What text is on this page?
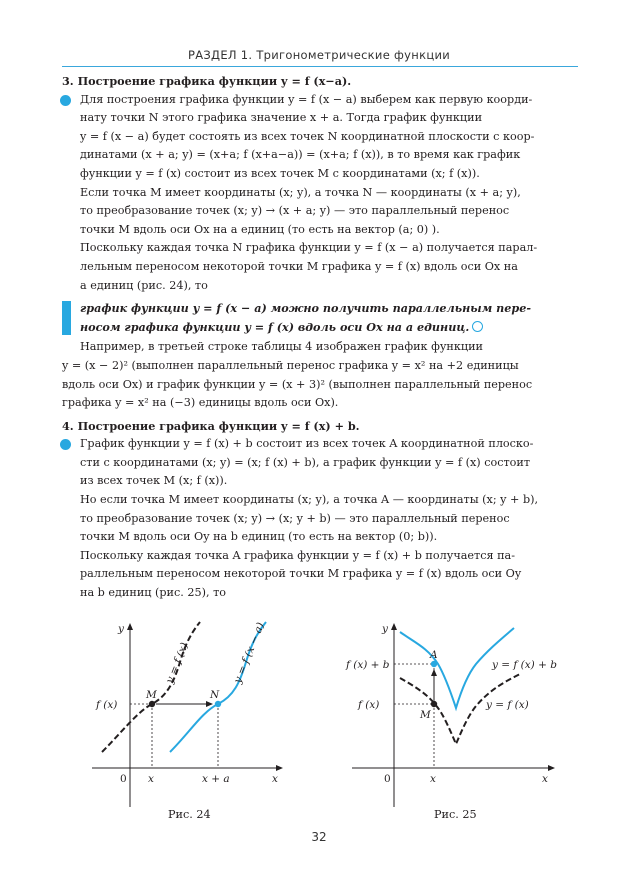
РАЗДЕЛ 1. Тригонометрические функции
3. Построение графика функции y = f (x−a).
Для построения графика функции y = f (x − a) выберем как первую коорди-
нату точки N этого графика значение x + a. Тогда график функции
y = f (x − a) будет состоять из всех точек N координатной плоскости с коор-
динатами (x + a; y) = (x+a; f (x+a−a)) = (x+a; f (x)), в то время как график
функции y = f (x) состоит из всех точек M с координатами (x; f (x)).
Если точка M имеет координаты (x; y), а точка N — координаты (x + a; y),
то преобразование точек (x; y) → (x + a; y) — это параллельный перенос
точки M вдоль оси Ox на a единиц (то есть на вектор (a; 0) ).
Поскольку каждая точка N графика функции y = f (x − a) получается парал-
лельным переносом некоторой точки M графика y = f (x) вдоль оси Ox на
a единиц (рис. 24), то
график функции y = f (x − a) можно получить параллельным пере-
носом графика функции y = f (x) вдоль оси Ox на a единиц.
Например, в третьей строке таблицы 4 изображен график функции
y = (x − 2)² (выполнен параллельный перенос графика y = x² на +2 единицы
вдоль оси Ox) и график функции y = (x + 3)² (выполнен параллельный перенос
графика y = x² на (−3) единицы вдоль оси Ox).
4. Построение графика функции y = f (x) + b.
График функции y = f (x) + b состоит из всех точек A координатной плоско-
сти с координатами (x; y) = (x; f (x) + b), а график функции y = f (x) состоит
из всех точек M (x; f (x)).
Но если точка M имеет координаты (x; y), а точка A — координаты (x; y + b),
то преобразование точек (x; y) → (x; y + b) — это параллельный перенос
точки M вдоль оси Oy на b единиц (то есть на вектор (0; b)).
Поскольку каждая точка A графика функции y = f (x) + b получается па-
раллельным переносом некоторой точки M графика y = f (x) вдоль оси Oy
на b единиц (рис. 25), то
y
x
0 x	x + a
f (x)
M	N
y = f (x)	y = f (x − a)
Рис. 24
y
x
0	x
f (x) + b
f (x)
A
M
y = f (x) + b
y = f (x)
Рис. 25
32
